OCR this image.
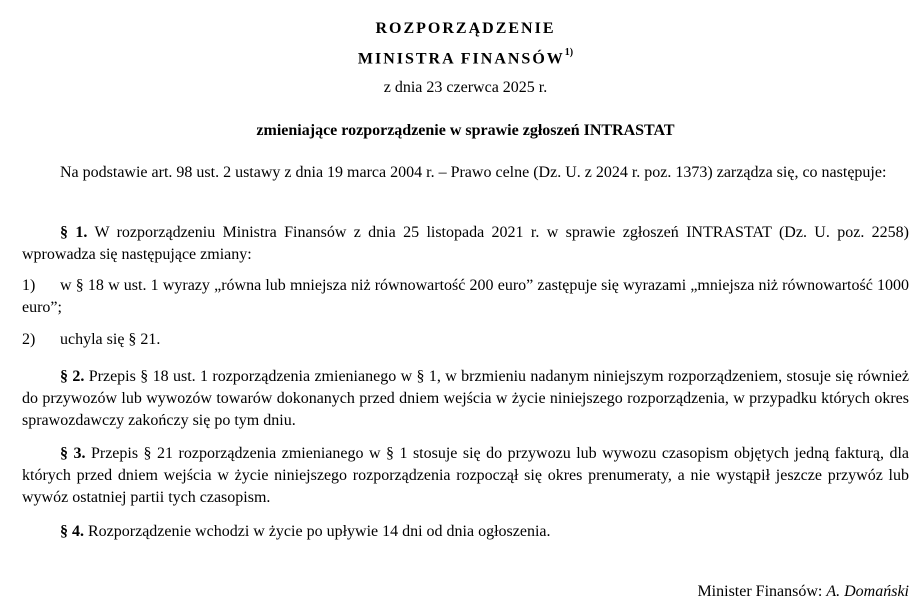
ROZPORZĄDZENIE
MINISTRA FINANSÓW$^{1)}$
z dnia 23 czerwca 2025 r.
zmieniające rozporządzenie w sprawie zgłoszeń INTRASTAT
Na podstawie art. 98 ust. 2 ustawy z dnia 19 marca 2004 r. – Prawo celne (Dz. U. z 2024 r. poz. 1373) zarządza się, co następuje:
§ 1. W rozporządzeniu Ministra Finansów z dnia 25 listopada 2021 r. w sprawie zgłoszeń INTRASTAT (Dz. U. poz. 2258) wprowadza się następujące zmiany:
1)	w § 18 w ust. 1 wyrazy „równa lub mniejsza niż równowartość 200 euro” zastępuje się wyrazami „mniejsza niż równowartość 1000 euro”;
2)	uchyla się § 21.
§ 2. Przepis § 18 ust. 1 rozporządzenia zmienianego w § 1, w brzmieniu nadanym niniejszym rozporządzeniem, stosuje się również do przywozów lub wywozów towarów dokonanych przed dniem wejścia w życie niniejszego rozporządzenia, w przypadku których okres sprawozdawczy zakończy się po tym dniu.
§ 3. Przepis § 21 rozporządzenia zmienianego w § 1 stosuje się do przywozu lub wywozu czasopism objętych jedną fakturą, dla których przed dniem wejścia w życie niniejszego rozporządzenia rozpoczął się okres prenumeraty, a nie wystąpił jeszcze przywóz lub wywóz ostatniej partii tych czasopism.
§ 4. Rozporządzenie wchodzi w życie po upływie 14 dni od dnia ogłoszenia.
Minister Finansów: A. Domański
